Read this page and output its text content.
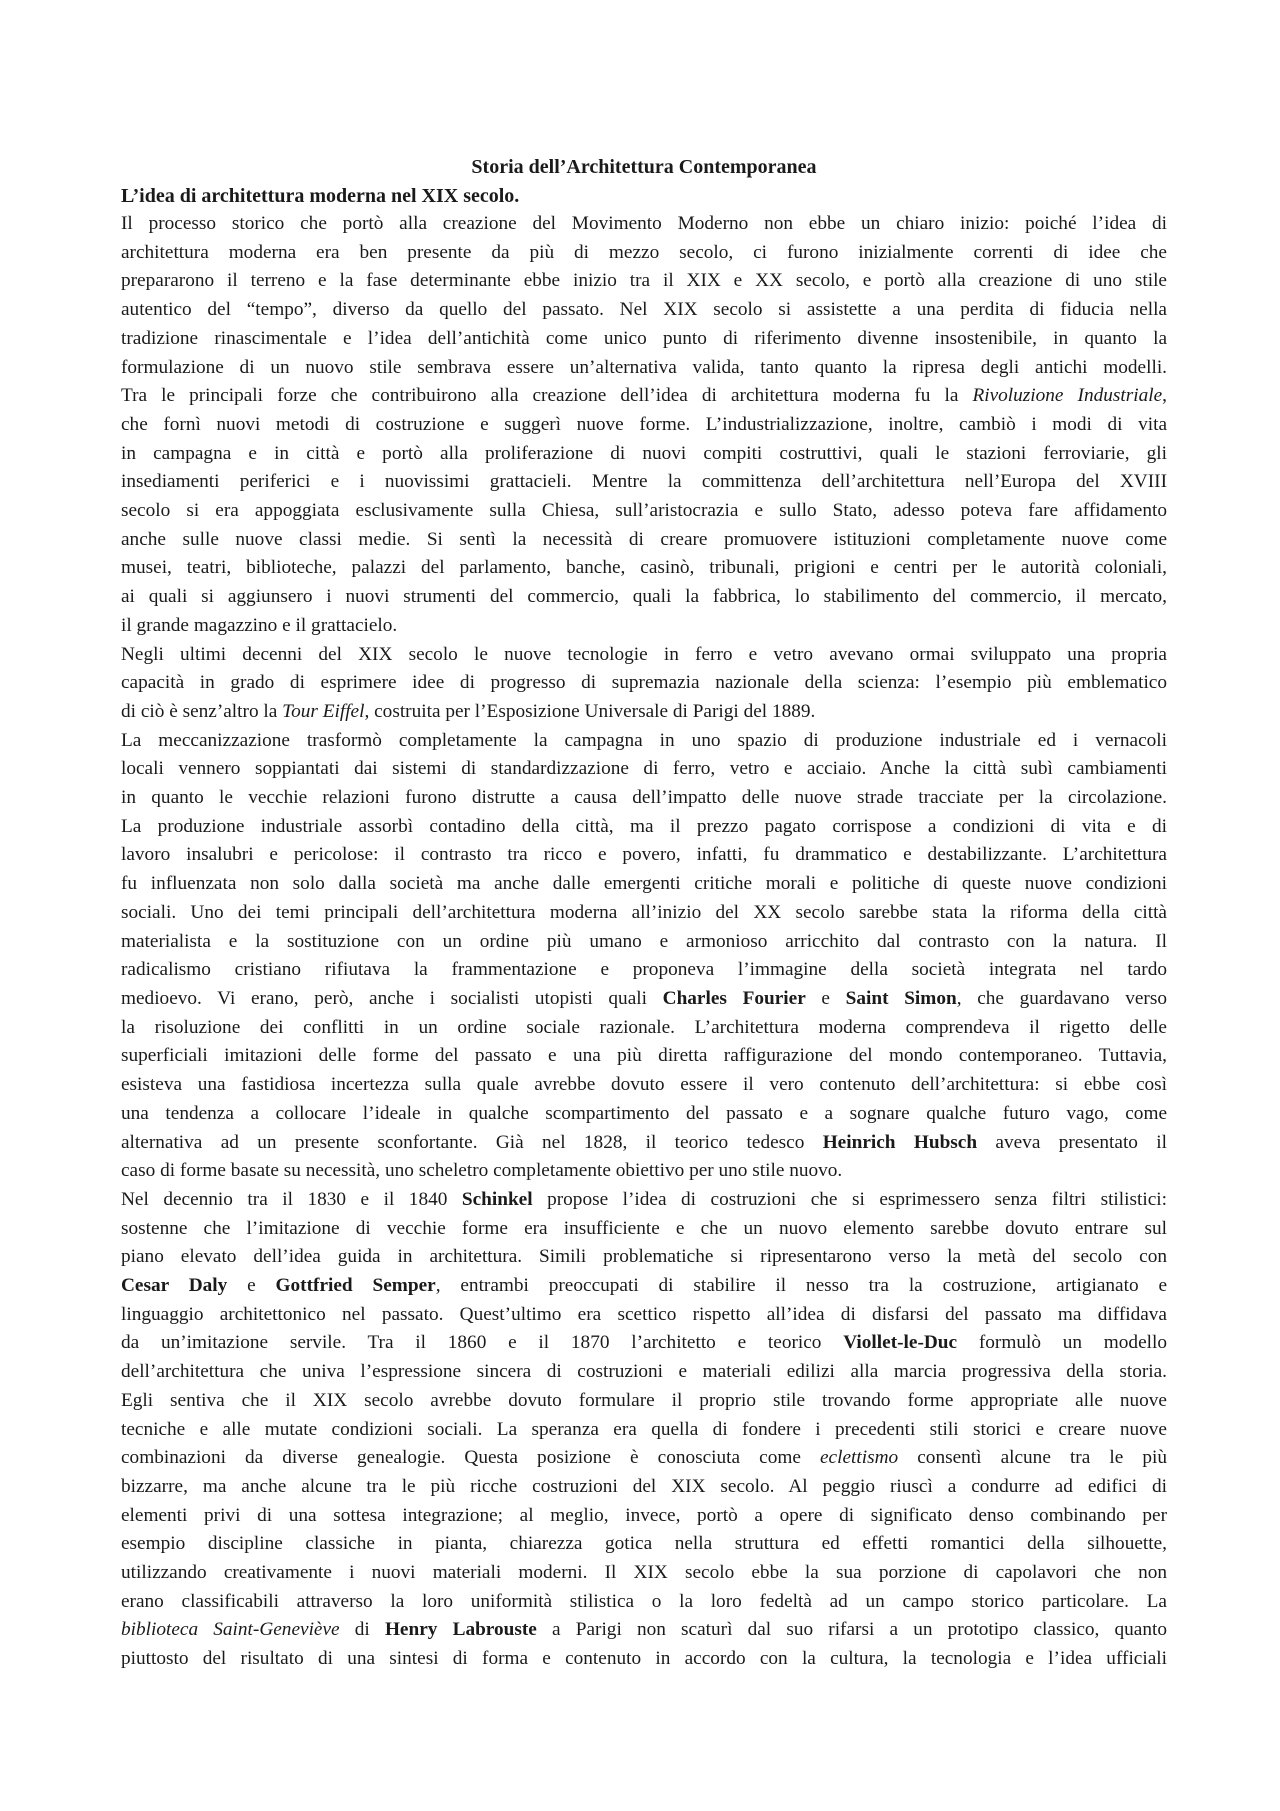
Storia dell’Architettura Contemporanea
L’idea di architettura moderna nel XIX secolo.

Il processo storico che portò alla creazione del Movimento Moderno non ebbe un chiaro inizio: poiché l’idea di
architettura moderna era ben presente da più di mezzo secolo, ci furono inizialmente correnti di idee che
prepararono il terreno e la fase determinante ebbe inizio tra il XIX e XX secolo, e portò alla creazione di uno stile
autentico del “tempo”, diverso da quello del passato. Nel XIX secolo si assistette a una perdita di fiducia nella
tradizione rinascimentale e l’idea dell’antichità come unico punto di riferimento divenne insostenibile, in quanto la
formulazione di un nuovo stile sembrava essere un’alternativa valida, tanto quanto la ripresa degli antichi modelli.
Tra le principali forze che contribuirono alla creazione dell’idea di architettura moderna fu la Rivoluzione Industriale,
che fornì nuovi metodi di costruzione e suggerì nuove forme. L’industrializzazione, inoltre, cambiò i modi di vita
in campagna e in città e portò alla proliferazione di nuovi compiti costruttivi, quali le stazioni ferroviarie, gli
insediamenti periferici e i nuovissimi grattacieli. Mentre la committenza dell’architettura nell’Europa del XVIII
secolo si era appoggiata esclusivamente sulla Chiesa, sull’aristocrazia e sullo Stato, adesso poteva fare affidamento
anche sulle nuove classi medie. Si sentì la necessità di creare promuovere istituzioni completamente nuove come
musei, teatri, biblioteche, palazzi del parlamento, banche, casinò, tribunali, prigioni e centri per le autorità coloniali,
ai quali si aggiunsero i nuovi strumenti del commercio, quali la fabbrica, lo stabilimento del commercio, il mercato,
il grande magazzino e il grattacielo.

Negli ultimi decenni del XIX secolo le nuove tecnologie in ferro e vetro avevano ormai sviluppato una propria
capacità in grado di esprimere idee di progresso di supremazia nazionale della scienza: l’esempio più emblematico
di ciò è senz’altro la Tour Eiffel, costruita per l’Esposizione Universale di Parigi del 1889.

La meccanizzazione trasformò completamente la campagna in uno spazio di produzione industriale ed i vernacoli
locali vennero soppiantati dai sistemi di standardizzazione di ferro, vetro e acciaio. Anche la città subì cambiamenti
in quanto le vecchie relazioni furono distrutte a causa dell’impatto delle nuove strade tracciate per la circolazione.
La produzione industriale assorbì contadino della città, ma il prezzo pagato corrispose a condizioni di vita e di
lavoro insalubri e pericolose: il contrasto tra ricco e povero, infatti, fu drammatico e destabilizzante. L’architettura
fu influenzata non solo dalla società ma anche dalle emergenti critiche morali e politiche di queste nuove condizioni
sociali. Uno dei temi principali dell’architettura moderna all’inizio del XX secolo sarebbe stata la riforma della città
materialista e la sostituzione con un ordine più umano e armonioso arricchito dal contrasto con la natura. Il
radicalismo cristiano rifiutava la frammentazione e proponeva l’immagine della società integrata nel tardo
medioevo. Vi erano, però, anche i socialisti utopisti quali Charles Fourier e Saint Simon, che guardavano verso
la risoluzione dei conflitti in un ordine sociale razionale. L’architettura moderna comprendeva il rigetto delle
superficiali imitazioni delle forme del passato e una più diretta raffigurazione del mondo contemporaneo. Tuttavia,
esisteva una fastidiosa incertezza sulla quale avrebbe dovuto essere il vero contenuto dell’architettura: si ebbe così
una tendenza a collocare l’ideale in qualche scompartimento del passato e a sognare qualche futuro vago, come
alternativa ad un presente sconfortante. Già nel 1828, il teorico tedesco Heinrich Hubsch aveva presentato il
caso di forme basate su necessità, uno scheletro completamente obiettivo per uno stile nuovo.

Nel decennio tra il 1830 e il 1840 Schinkel propose l’idea di costruzioni che si esprimessero senza filtri stilistici:
sostenne che l’imitazione di vecchie forme era insufficiente e che un nuovo elemento sarebbe dovuto entrare sul
piano elevato dell’idea guida in architettura. Simili problematiche si ripresentarono verso la metà del secolo con
Cesar Daly e Gottfried Semper, entrambi preoccupati di stabilire il nesso tra la costruzione, artigianato e
linguaggio architettonico nel passato. Quest’ultimo era scettico rispetto all’idea di disfarsi del passato ma diffidava
da un’imitazione servile. Tra il 1860 e il 1870 l’architetto e teorico Viollet-le-Duc formulò un modello
dell’architettura che univa l’espressione sincera di costruzioni e materiali edilizi alla marcia progressiva della storia.
Egli sentiva che il XIX secolo avrebbe dovuto formulare il proprio stile trovando forme appropriate alle nuove
tecniche e alle mutate condizioni sociali. La speranza era quella di fondere i precedenti stili storici e creare nuove
combinazioni da diverse genealogie. Questa posizione è conosciuta come eclettismo consentì alcune tra le più
bizzarre, ma anche alcune tra le più ricche costruzioni del XIX secolo. Al peggio riuscì a condurre ad edifici di
elementi privi di una sottesa integrazione; al meglio, invece, portò a opere di significato denso combinando per
esempio discipline classiche in pianta, chiarezza gotica nella struttura ed effetti romantici della silhouette,
utilizzando creativamente i nuovi materiali moderni. Il XIX secolo ebbe la sua porzione di capolavori che non
erano classificabili attraverso la loro uniformità stilistica o la loro fedeltà ad un campo storico particolare. La
biblioteca Saint-Geneviève di Henry Labrouste a Parigi non scaturì dal suo rifarsi a un prototipo classico, quanto
piuttosto del risultato di una sintesi di forma e contenuto in accordo con la cultura, la tecnologia e l’idea ufficiali
